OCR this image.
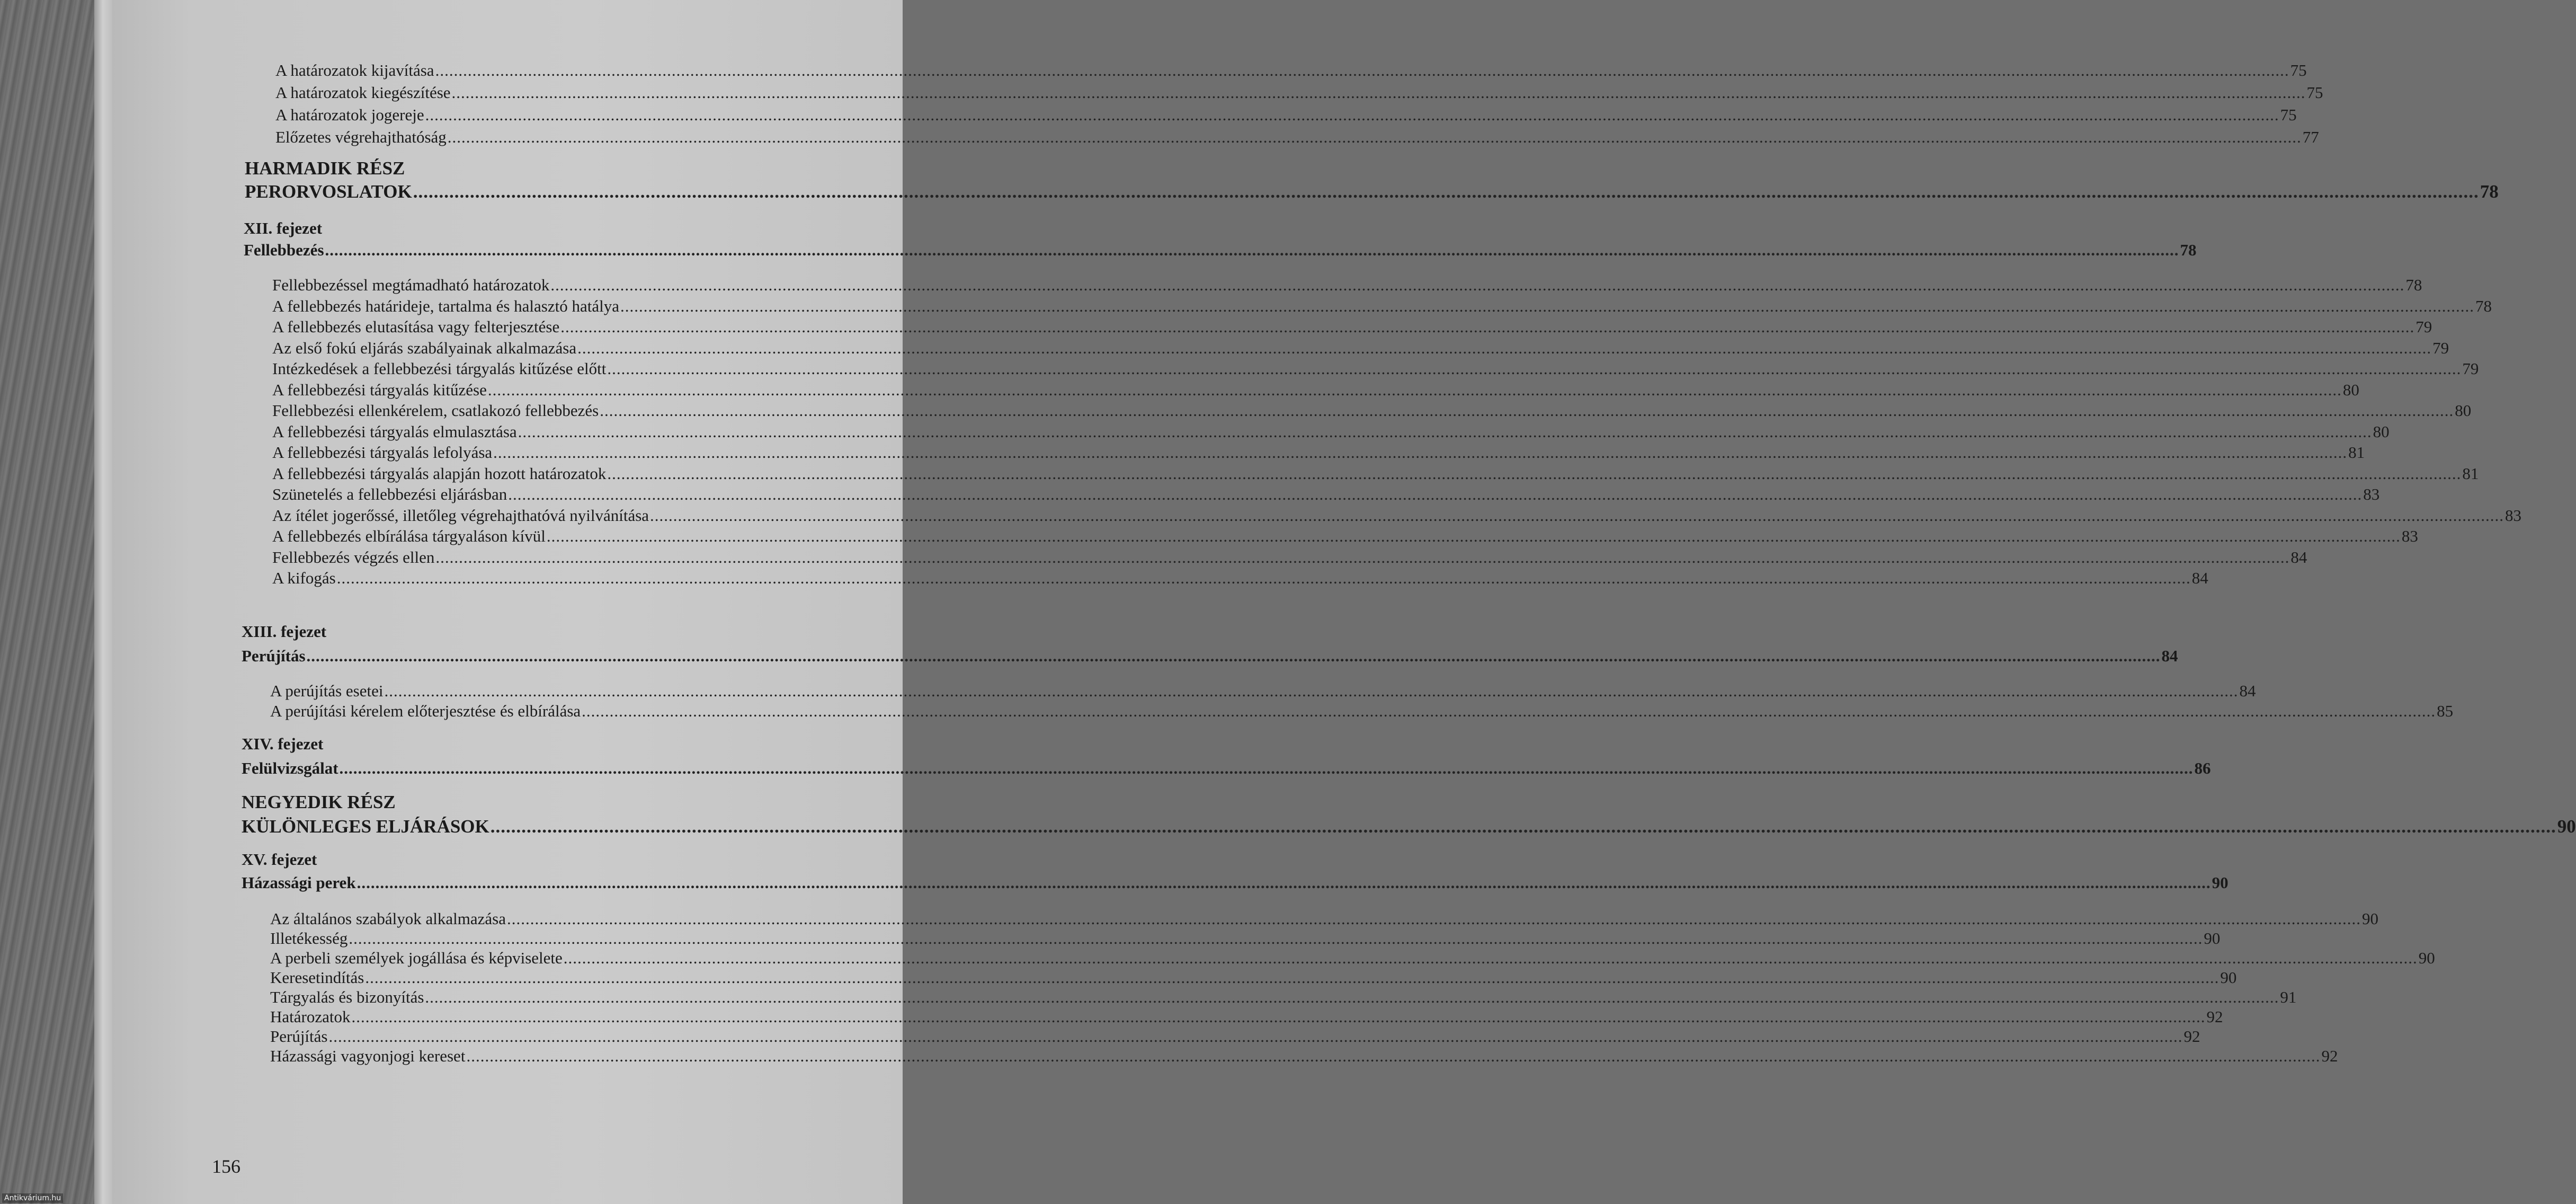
A határozatok kijavítása ................................................................................................................................................................................................................................................................................................................................................................................................................ 75
A határozatok kiegészítése ................................................................................................................................................................................................................................................................................................................................................................................................................ 75
A határozatok jogereje ................................................................................................................................................................................................................................................................................................................................................................................................................ 75
Előzetes végrehajthatóság ................................................................................................................................................................................................................................................................................................................................................................................................................ 77
HARMADIK RÉSZ
PERORVOSLATOK ................................................................................................................................................................................................................................................................................................................................................................................................................ 78
XII. fejezet
Fellebbezés ................................................................................................................................................................................................................................................................................................................................................................................................................ 78
Fellebbezéssel megtámadható határozatok ................................................................................................................................................................................................................................................................................................................................................................................................................ 78
A fellebbezés határideje, tartalma és halasztó hatálya ................................................................................................................................................................................................................................................................................................................................................................................................................ 78
A fellebbezés elutasítása vagy felterjesztése ................................................................................................................................................................................................................................................................................................................................................................................................................ 79
Az első fokú eljárás szabályainak alkalmazása ................................................................................................................................................................................................................................................................................................................................................................................................................ 79
Intézkedések a fellebbezési tárgyalás kitűzése előtt ................................................................................................................................................................................................................................................................................................................................................................................................................ 79
A fellebbezési tárgyalás kitűzése ................................................................................................................................................................................................................................................................................................................................................................................................................ 80
Fellebbezési ellenkérelem, csatlakozó fellebbezés ................................................................................................................................................................................................................................................................................................................................................................................................................ 80
A fellebbezési tárgyalás elmulasztása ................................................................................................................................................................................................................................................................................................................................................................................................................ 80
A fellebbezési tárgyalás lefolyása ................................................................................................................................................................................................................................................................................................................................................................................................................ 81
A fellebbezési tárgyalás alapján hozott határozatok ................................................................................................................................................................................................................................................................................................................................................................................................................ 81
Szünetelés a fellebbezési eljárásban ................................................................................................................................................................................................................................................................................................................................................................................................................ 83
Az ítélet jogerőssé, illetőleg végrehajthatóvá nyilvánítása ................................................................................................................................................................................................................................................................................................................................................................................................................ 83
A fellebbezés elbírálása tárgyaláson kívül ................................................................................................................................................................................................................................................................................................................................................................................................................ 83
Fellebbezés végzés ellen ................................................................................................................................................................................................................................................................................................................................................................................................................ 84
A kifogás ................................................................................................................................................................................................................................................................................................................................................................................................................ 84
XIII. fejezet
Perújítás ................................................................................................................................................................................................................................................................................................................................................................................................................ 84
A perújítás esetei ................................................................................................................................................................................................................................................................................................................................................................................................................ 84
A perújítási kérelem előterjesztése és elbírálása ................................................................................................................................................................................................................................................................................................................................................................................................................ 85
XIV. fejezet
Felülvizsgálat ................................................................................................................................................................................................................................................................................................................................................................................................................ 86
NEGYEDIK RÉSZ
KÜLÖNLEGES ELJÁRÁSOK ................................................................................................................................................................................................................................................................................................................................................................................................................ 90
XV. fejezet
Házassági perek ................................................................................................................................................................................................................................................................................................................................................................................................................ 90
Az általános szabályok alkalmazása ................................................................................................................................................................................................................................................................................................................................................................................................................ 90
Illetékesség ................................................................................................................................................................................................................................................................................................................................................................................................................ 90
A perbeli személyek jogállása és képviselete ................................................................................................................................................................................................................................................................................................................................................................................................................ 90
Keresetindítás ................................................................................................................................................................................................................................................................................................................................................................................................................ 90
Tárgyalás és bizonyítás ................................................................................................................................................................................................................................................................................................................................................................................................................ 91
Határozatok ................................................................................................................................................................................................................................................................................................................................................................................................................ 92
Perújítás ................................................................................................................................................................................................................................................................................................................................................................................................................ 92
Házassági vagyonjogi kereset ................................................................................................................................................................................................................................................................................................................................................................................................................ 92
156
Antikvárium.hu
